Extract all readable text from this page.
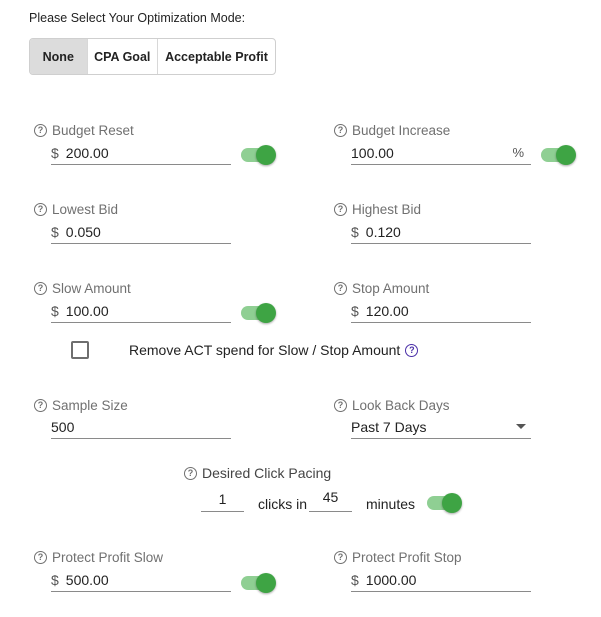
Please Select Your Optimization Mode:
None	CPA Goal	Acceptable Profit
? Budget Reset
$ 200.00
? Budget Increase
100.00	%
? Lowest Bid
$ 0.050
? Highest Bid
$ 0.120
? Slow Amount
$ 100.00
? Stop Amount
$ 120.00
Remove ACT spend for Slow / Stop Amount ?
? Sample Size
500
? Look Back Days
Past 7 Days
? Desired Click Pacing
1	clicks in	45	minutes
? Protect Profit Slow
$ 500.00
? Protect Profit Stop
$ 1000.00
